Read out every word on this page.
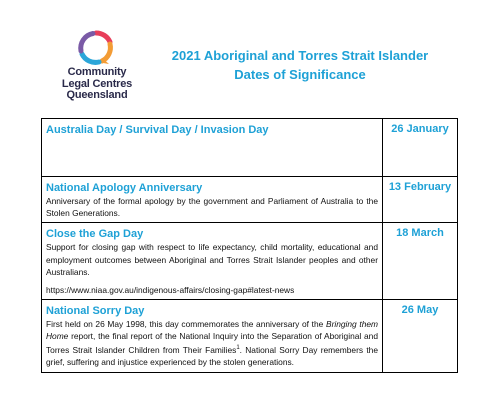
Community
Legal Centres
Queensland
2021 Aboriginal and Torres Strait Islander
Dates of Significance
Australia Day / Survival Day / Invasion Day	26 January

National Apology Anniversary
Anniversary of the formal apology by the government and Parliament of Australia to the Stolen Generations.	13 February

Close the Gap Day
Support for closing gap with respect to life expectancy, child mortality, educational and employment outcomes between Aboriginal and Torres Strait Islander peoples and other Australians.
https://www.niaa.gov.au/indigenous-affairs/closing-gap#latest-news	18 March

National Sorry Day
First held on 26 May 1998, this day commemorates the anniversary of the Bringing them Home report, the final report of the National Inquiry into the Separation of Aboriginal and Torres Strait Islander Children from Their Families$^1$. National Sorry Day remembers the grief, suffering and injustice experienced by the stolen generations.	26 May
